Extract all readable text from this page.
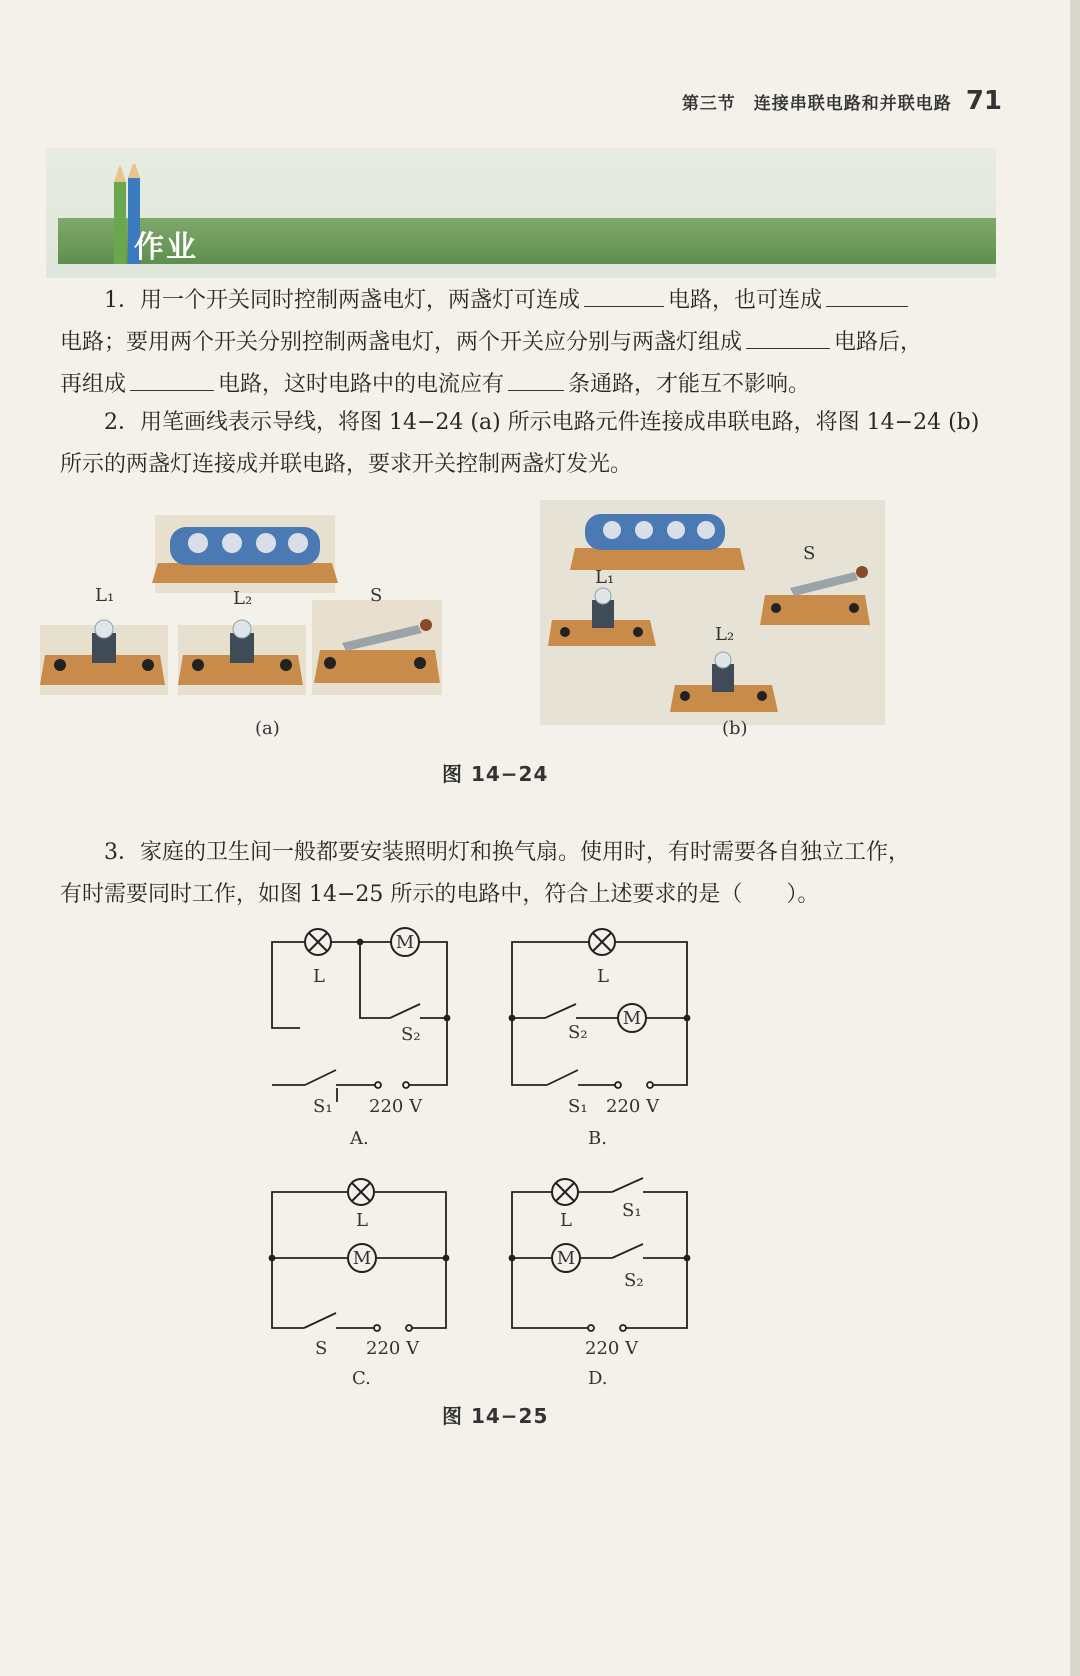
第三节　连接串联电路和并联电路 71
作业
1．用一个开关同时控制两盏电灯，两盏灯可连成	电路，也可连成
电路；要用两个开关分别控制两盏电灯，两个开关应分别与两盏灯组成	电路后，
再组成	电路，这时电路中的电流应有	条通路，才能互不影响。
2．用笔画线表示导线，将图 14−24 (a) 所示电路元件连接成串联电路，将图 14−24 (b)
所示的两盏灯连接成并联电路，要求开关控制两盏灯发光。
L₁	L₂	S
(a)
L₁
L₂
S
(b)
图 14−24
3．家庭的卫生间一般都要安装照明灯和换气扇。使用时，有时需要各自独立工作，
有时需要同时工作，如图 14−25 所示的电路中，符合上述要求的是（　　）。
M
M
M	M
L
S₂
S₁ 220 V
A.
L
S₂
S₁ 220 V
B.
L
S 220 V
C.
L	S₁
S₂
220 V
D.
图 14−25
